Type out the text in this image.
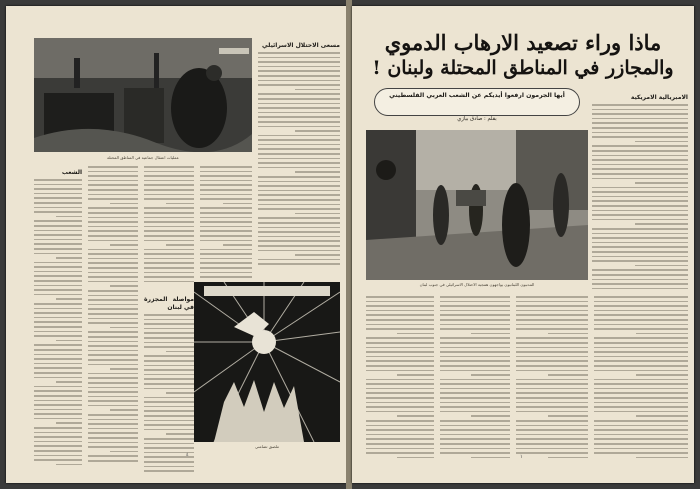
عمليات اعتقال جماعية في المناطق المحتلة
مسعى الاحتلال الاسرائيلي
الشعب
مواصلة المجزرة في لبنان
ملصق تضامني
٤
ماذا وراء تصعيد الارهاب الدموي
والمجازر في المناطق المحتلة ولبنان !
أيها الجرمون ارفعوا أيديكم عن الشعب العربي الفلسطيني
بقلم : صادق بيازي
الامبريالية الامريكية
المدنيون اللبنانيون يواجهون همجية الاحتلال الاسرائيلي في جنوب لبنان
١
